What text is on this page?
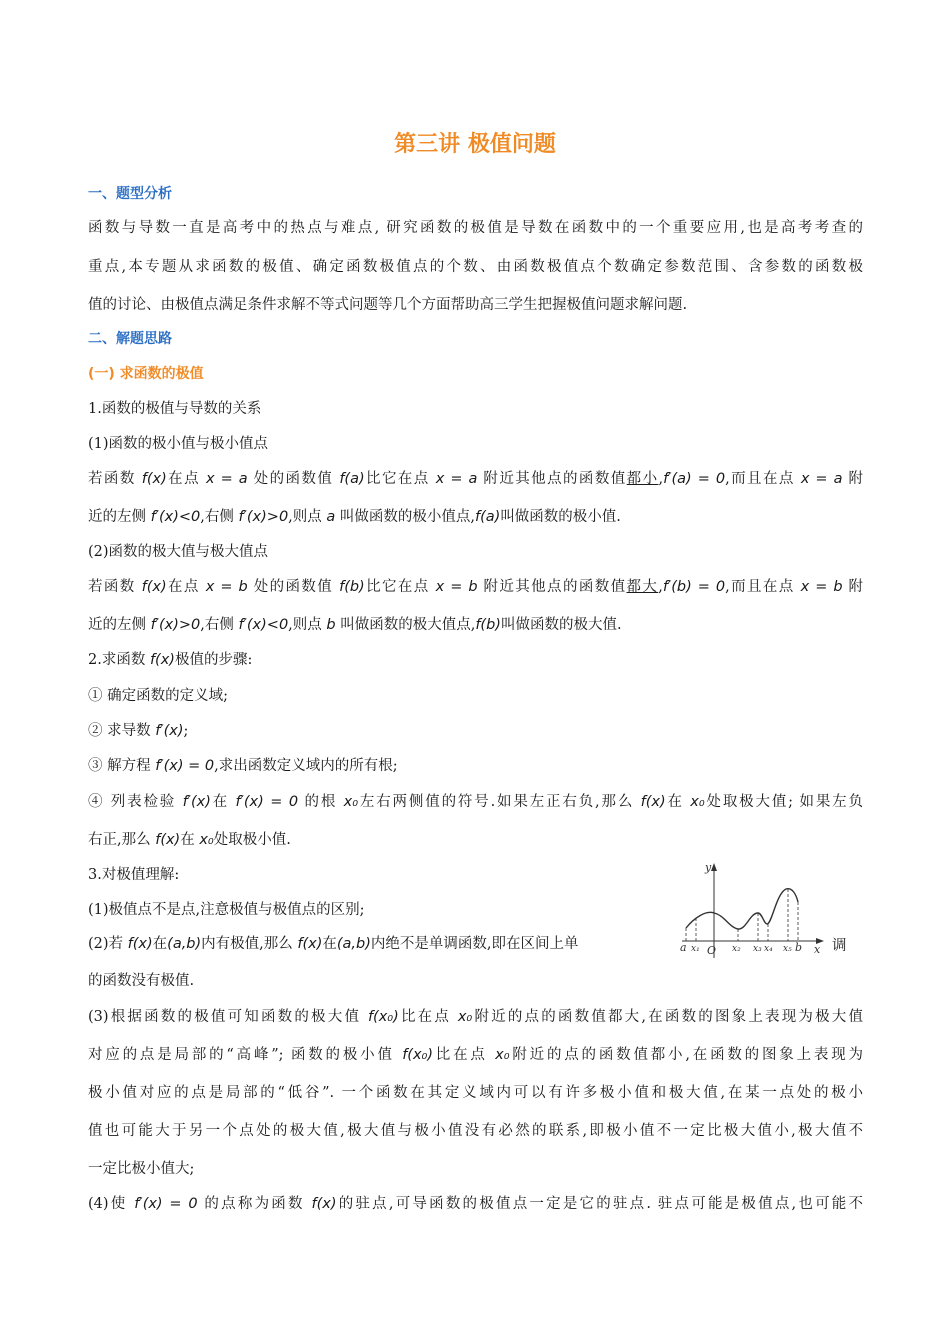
第三讲 极值问题
一、题型分析
函数与导数一直是高考中的热点与难点, 研究函数的极值是导数在函数中的一个重要应用,也是高考考查的
重点,本专题从求函数的极值、确定函数极值点的个数、由函数极值点个数确定参数范围、含参数的函数极
值的讨论、由极值点满足条件求解不等式问题等几个方面帮助高三学生把握极值问题求解问题.
二、解题思路
(一) 求函数的极值
1.函数的极值与导数的关系
(1)函数的极小值与极小值点
若函数 f(x)在点 x = a 处的函数值 f(a)比它在点 x = a 附近其他点的函数值都小,f′(a) = 0,而且在点 x = a 附
近的左侧 f′(x)<0,右侧 f′(x)>0,则点 a 叫做函数的极小值点,f(a)叫做函数的极小值.
(2)函数的极大值与极大值点
若函数 f(x)在点 x = b 处的函数值 f(b)比它在点 x = b 附近其他点的函数值都大,f′(b) = 0,而且在点 x = b 附
近的左侧 f′(x)>0,右侧 f′(x)<0,则点 b 叫做函数的极大值点,f(b)叫做函数的极大值.
2.求函数 f(x)极值的步骤:
① 确定函数的定义域;
② 求导数 f′(x);
③ 解方程 f′(x) = 0,求出函数定义域内的所有根;
④ 列表检验 f′(x)在 f′(x) = 0 的根 x₀左右两侧值的符号.如果左正右负,那么 f(x)在 x₀处取极大值; 如果左负
右正,那么 f(x)在 x₀处取极小值.
3.对极值理解:
(1)极值点不是点,注意极值与极值点的区别;
(2)若 f(x)在(a,b)内有极值,那么 f(x)在(a,b)内绝不是单调函数,即在区间上单	调
的函数没有极值.
(3)根据函数的极值可知函数的极大值 f(x₀)比在点 x₀附近的点的函数值都大,在函数的图象上表现为极大值
对应的点是局部的“高峰”; 函数的极小值 f(x₀)比在点 x₀附近的点的函数值都小,在函数的图象上表现为
极小值对应的点是局部的“低谷”. 一个函数在其定义域内可以有许多极小值和极大值,在某一点处的极小
值也可能大于另一个点处的极大值,极大值与极小值没有必然的联系,即极小值不一定比极大值小,极大值不
一定比极小值大;
(4)使 f′(x) = 0 的点称为函数 f(x)的驻点,可导函数的极值点一定是它的驻点. 驻点可能是极值点,也可能不
y
x
O
a x₁	x₂ x₃ x₄ x₅ b
